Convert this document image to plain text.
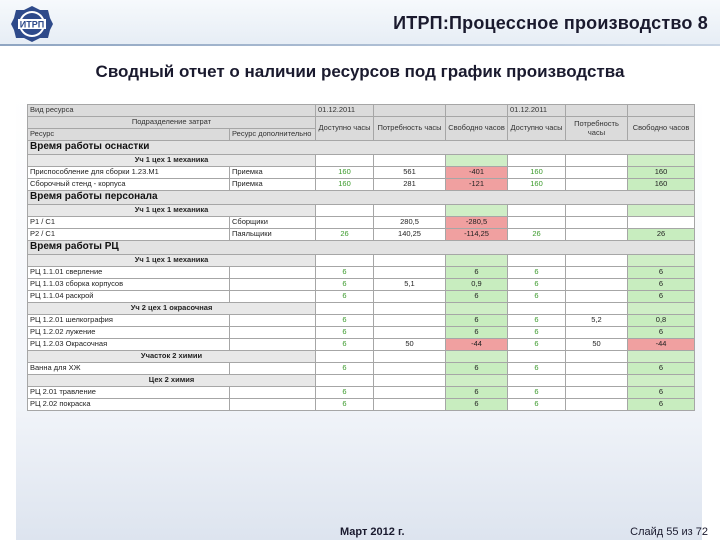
ИТРП	ИТРП:Процессное производство 8
Сводный отчет о наличии ресурсов под график производства
Вид ресурса		01.12.2011			01.12.2011		
Подразделение затрат		Доступно часы	Потребность часы	Свободно часов	Доступно часы	Потребность часы	Свободно часов
Ресурс	Ресурс дополнительно						
Время работы оснастки							
Уч 1 цех 1 механика							
Приспособление для сборки 1.23.М1	Приемка	160	561	-401	160		160
Сборочный стенд - корпуса	Приемка	160	281	-121	160		160
Время работы персонала							
Уч 1 цех 1 механика							
Р1 / С1	Сборщики		280,5	-280,5			
Р2 / С1	Паяльщики	26	140,25	-114,25	26		26
Время работы РЦ							
Уч 1 цех 1 механика							
РЦ 1.1.01 сверление		6		6	6		6
РЦ 1.1.03 сборка корпусов		6	5,1	0,9	6		6
РЦ 1.1.04 раскрой		6		6	6		6
Уч 2 цех 1 окрасочная							
РЦ 1.2.01 шелкография		6		6	6	5,2	0,8
РЦ 1.2.02 лужение		6		6	6		6
РЦ 1.2.03 Окрасочная		6	50	-44	6	50	-44
Участок 2 химии							
Ванна для ХЖ		6		6	6		6
Цех 2 химия							
РЦ 2.01 травление		6		6	6		6
РЦ 2.02 покраска		6		6	6		6
Март 2012 г.	Слайд 55 из 72
